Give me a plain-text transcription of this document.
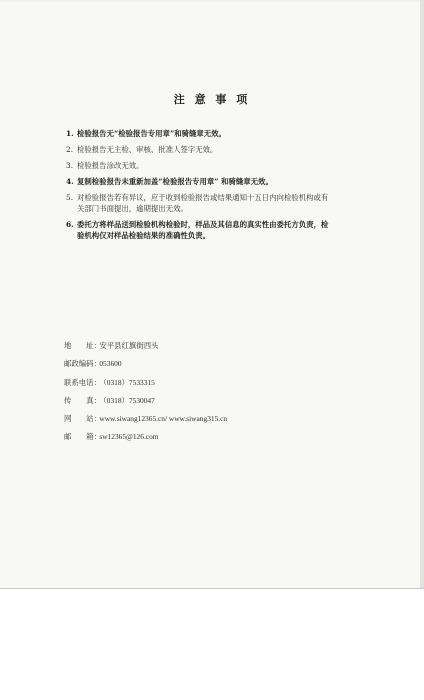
注 意 事 项
1. 检验报告无“检验报告专用章”和骑缝章无效。
2. 检验报告无主检、审核、批准人签字无效。
3. 检验报告涂改无效。
4. 复制检验报告未重新加盖“检验报告专用章” 和骑缝章无效。
5. 对检验报告若有异议，应于收到检验报告或结果通知十五日内向检验机构或有关部门书面提出，逾期提出无效。
6. 委托方将样品送到检验机构检验时，样品及其信息的真实性由委托方负责，检验机构仅对样品检验结果的准确性负责。
地　　址： 安平县红旗街西头
邮政编码： 053600
联系电话： （0318）7533315
传　　真： （0318）7530047
网　　站： www.siwang12365.cn/ www.siwang315.cn
邮　　箱： sw12365@126.com
